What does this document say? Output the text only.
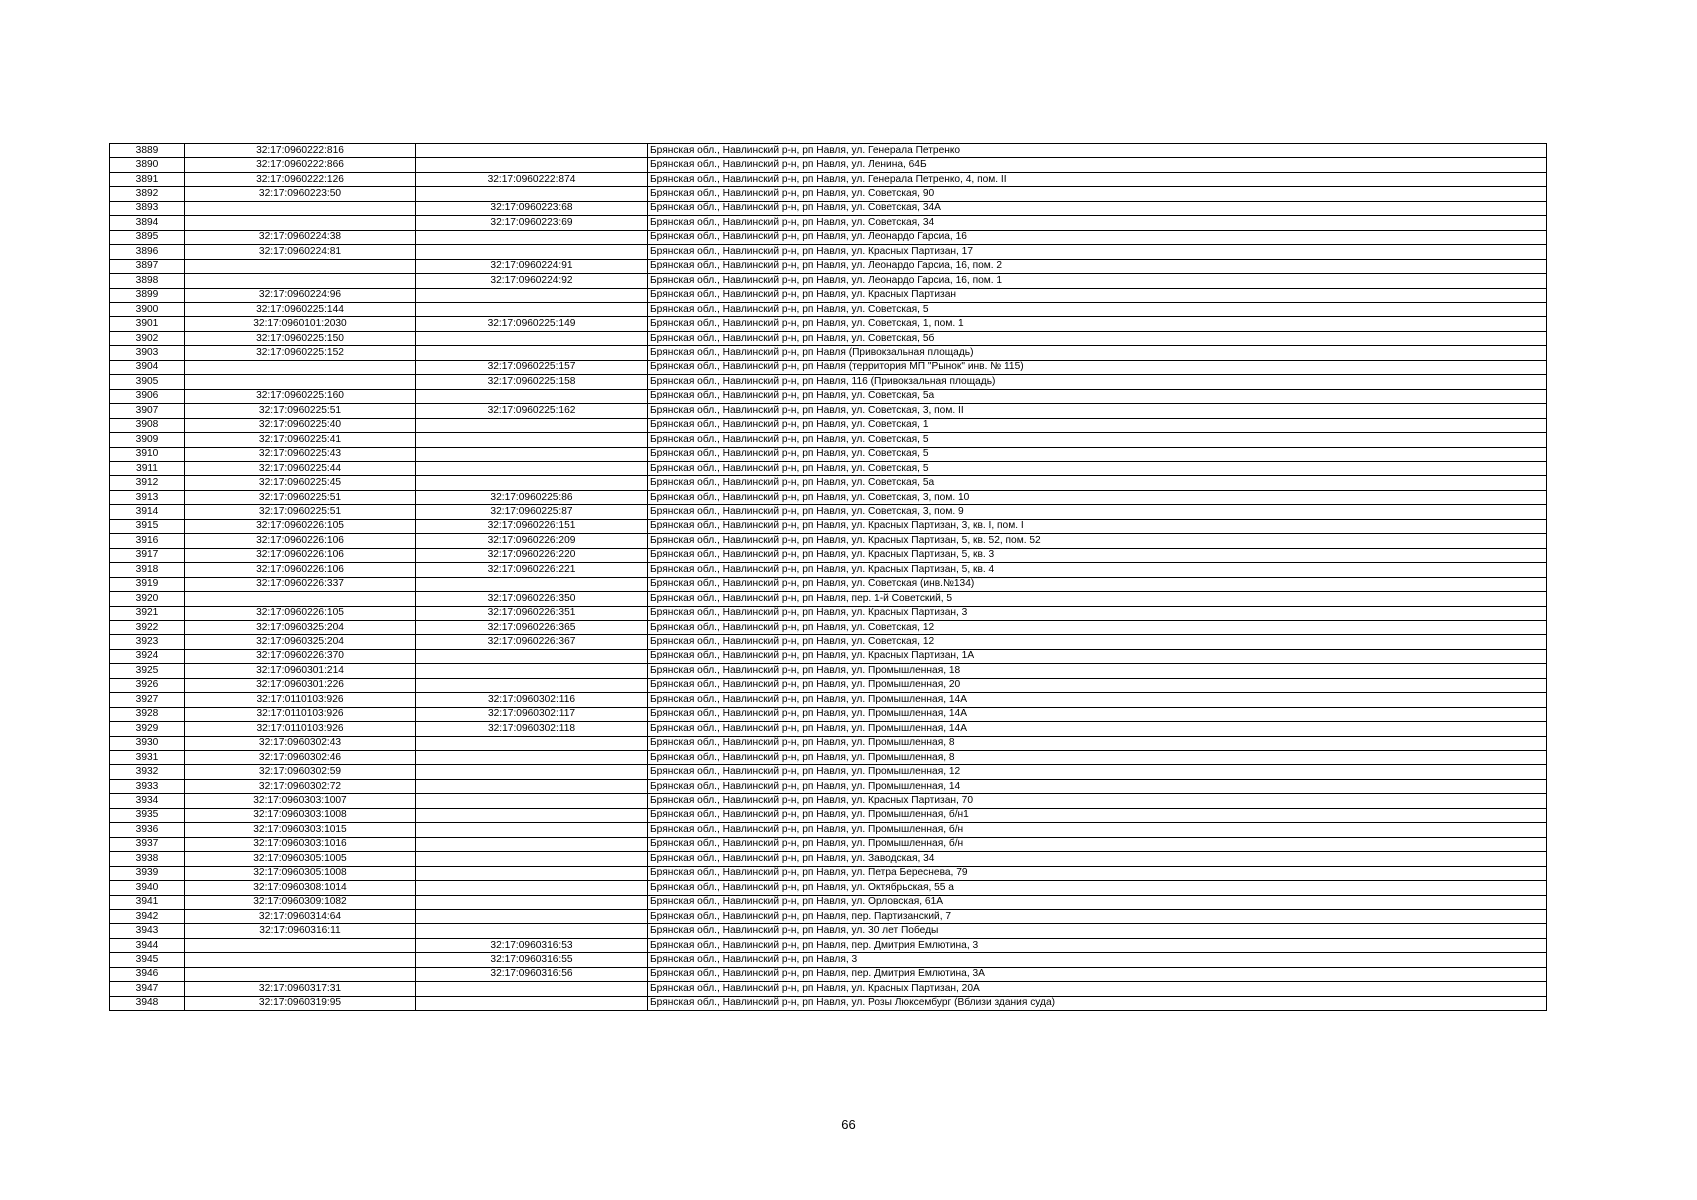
3889	32:17:0960222:816		Брянская обл., Навлинский р-н, рп Навля, ул. Генерала Петренко
3890	32:17:0960222:866		Брянская обл., Навлинский р-н, рп Навля, ул. Ленина, 64Б
3891	32:17:0960222:126	32:17:0960222:874	Брянская обл., Навлинский р-н, рп Навля, ул. Генерала Петренко, 4, пом. II
3892	32:17:0960223:50		Брянская обл., Навлинский р-н, рп Навля, ул. Советская, 90
3893		32:17:0960223:68	Брянская обл., Навлинский р-н, рп Навля, ул. Советская, 34А
3894		32:17:0960223:69	Брянская обл., Навлинский р-н, рп Навля, ул. Советская, 34
3895	32:17:0960224:38		Брянская обл., Навлинский р-н, рп Навля, ул. Леонардо Гарсиа, 16
3896	32:17:0960224:81		Брянская обл., Навлинский р-н, рп Навля, ул. Красных Партизан, 17
3897		32:17:0960224:91	Брянская обл., Навлинский р-н, рп Навля, ул. Леонардо Гарсиа, 16, пом. 2
3898		32:17:0960224:92	Брянская обл., Навлинский р-н, рп Навля, ул. Леонардо Гарсиа, 16, пом. 1
3899	32:17:0960224:96		Брянская обл., Навлинский р-н, рп Навля, ул. Красных Партизан
3900	32:17:0960225:144		Брянская обл., Навлинский р-н, рп Навля, ул. Советская, 5
3901	32:17:0960101:2030	32:17:0960225:149	Брянская обл., Навлинский р-н, рп Навля, ул. Советская, 1, пом. 1
3902	32:17:0960225:150		Брянская обл., Навлинский р-н, рп Навля, ул. Советская, 5б
3903	32:17:0960225:152		Брянская обл., Навлинский р-н, рп Навля (Привокзальная площадь)
3904		32:17:0960225:157	Брянская обл., Навлинский р-н, рп Навля (территория МП "Рынок" инв. № 115)
3905		32:17:0960225:158	Брянская обл., Навлинский р-н, рп Навля, 116 (Привокзальная площадь)
3906	32:17:0960225:160		Брянская обл., Навлинский р-н, рп Навля, ул. Советская, 5а
3907	32:17:0960225:51	32:17:0960225:162	Брянская обл., Навлинский р-н, рп Навля, ул. Советская, 3, пом. II
3908	32:17:0960225:40		Брянская обл., Навлинский р-н, рп Навля, ул. Советская, 1
3909	32:17:0960225:41		Брянская обл., Навлинский р-н, рп Навля, ул. Советская, 5
3910	32:17:0960225:43		Брянская обл., Навлинский р-н, рп Навля, ул. Советская, 5
3911	32:17:0960225:44		Брянская обл., Навлинский р-н, рп Навля, ул. Советская, 5
3912	32:17:0960225:45		Брянская обл., Навлинский р-н, рп Навля, ул. Советская, 5а
3913	32:17:0960225:51	32:17:0960225:86	Брянская обл., Навлинский р-н, рп Навля, ул. Советская, 3, пом. 10
3914	32:17:0960225:51	32:17:0960225:87	Брянская обл., Навлинский р-н, рп Навля, ул. Советская, 3, пом. 9
3915	32:17:0960226:105	32:17:0960226:151	Брянская обл., Навлинский р-н, рп Навля, ул. Красных Партизан, 3, кв. I, пом. I
3916	32:17:0960226:106	32:17:0960226:209	Брянская обл., Навлинский р-н, рп Навля, ул. Красных Партизан, 5, кв. 52, пом. 52
3917	32:17:0960226:106	32:17:0960226:220	Брянская обл., Навлинский р-н, рп Навля, ул. Красных Партизан, 5, кв. 3
3918	32:17:0960226:106	32:17:0960226:221	Брянская обл., Навлинский р-н, рп Навля, ул. Красных Партизан, 5, кв. 4
3919	32:17:0960226:337		Брянская обл., Навлинский р-н, рп Навля, ул. Советская (инв.№134)
3920		32:17:0960226:350	Брянская обл., Навлинский р-н, рп Навля, пер. 1-й Советский, 5
3921	32:17:0960226:105	32:17:0960226:351	Брянская обл., Навлинский р-н, рп Навля, ул. Красных Партизан, 3
3922	32:17:0960325:204	32:17:0960226:365	Брянская обл., Навлинский р-н, рп Навля, ул. Советская, 12
3923	32:17:0960325:204	32:17:0960226:367	Брянская обл., Навлинский р-н, рп Навля, ул. Советская, 12
3924	32:17:0960226:370		Брянская обл., Навлинский р-н, рп Навля, ул. Красных Партизан, 1А
3925	32:17:0960301:214		Брянская обл., Навлинский р-н, рп Навля, ул. Промышленная, 18
3926	32:17:0960301:226		Брянская обл., Навлинский р-н, рп Навля, ул. Промышленная, 20
3927	32:17:0110103:926	32:17:0960302:116	Брянская обл., Навлинский р-н, рп Навля, ул. Промышленная, 14А
3928	32:17:0110103:926	32:17:0960302:117	Брянская обл., Навлинский р-н, рп Навля, ул. Промышленная, 14А
3929	32:17:0110103:926	32:17:0960302:118	Брянская обл., Навлинский р-н, рп Навля, ул. Промышленная, 14А
3930	32:17:0960302:43		Брянская обл., Навлинский р-н, рп Навля, ул. Промышленная, 8
3931	32:17:0960302:46		Брянская обл., Навлинский р-н, рп Навля, ул. Промышленная, 8
3932	32:17:0960302:59		Брянская обл., Навлинский р-н, рп Навля, ул. Промышленная, 12
3933	32:17:0960302:72		Брянская обл., Навлинский р-н, рп Навля, ул. Промышленная, 14
3934	32:17:0960303:1007		Брянская обл., Навлинский р-н, рп Навля, ул. Красных Партизан, 70
3935	32:17:0960303:1008		Брянская обл., Навлинский р-н, рп Навля, ул. Промышленная, б/н1
3936	32:17:0960303:1015		Брянская обл., Навлинский р-н, рп Навля, ул. Промышленная, б/н
3937	32:17:0960303:1016		Брянская обл., Навлинский р-н, рп Навля, ул. Промышленная, б/н
3938	32:17:0960305:1005		Брянская обл., Навлинский р-н, рп Навля, ул. Заводская, 34
3939	32:17:0960305:1008		Брянская обл., Навлинский р-н, рп Навля, ул. Петра Береснева, 79
3940	32:17:0960308:1014		Брянская обл., Навлинский р-н, рп Навля, ул. Октябрьская, 55 а
3941	32:17:0960309:1082		Брянская обл., Навлинский р-н, рп Навля, ул. Орловская, 61А
3942	32:17:0960314:64		Брянская обл., Навлинский р-н, рп Навля, пер. Партизанский, 7
3943	32:17:0960316:11		Брянская обл., Навлинский р-н, рп Навля, ул. 30 лет Победы
3944		32:17:0960316:53	Брянская обл., Навлинский р-н, рп Навля, пер. Дмитрия Емлютина, 3
3945		32:17:0960316:55	Брянская обл., Навлинский р-н, рп Навля, 3
3946		32:17:0960316:56	Брянская обл., Навлинский р-н, рп Навля, пер. Дмитрия Емлютина, 3А
3947	32:17:0960317:31		Брянская обл., Навлинский р-н, рп Навля, ул. Красных Партизан, 20А
3948	32:17:0960319:95		Брянская обл., Навлинский р-н, рп Навля, ул. Розы Люксембург (Вблизи здания суда)
66
